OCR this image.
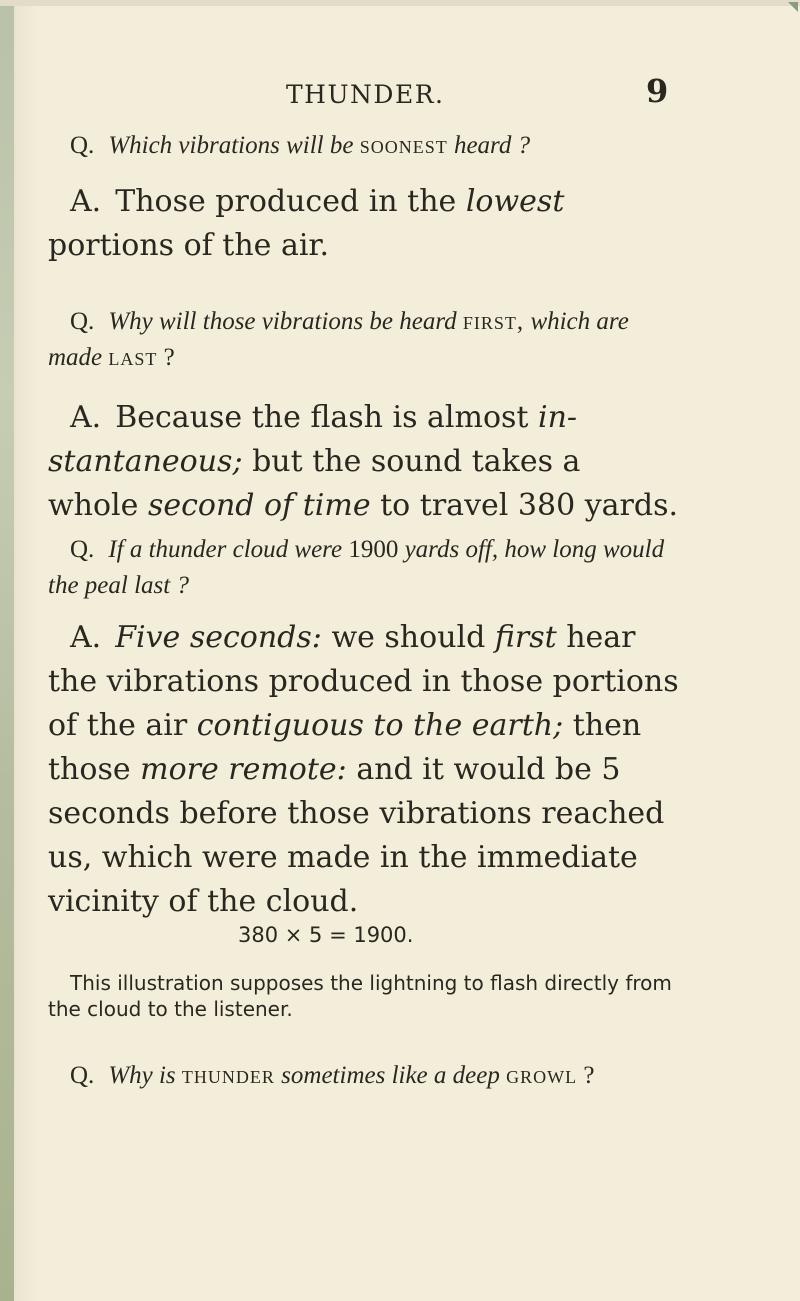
THUNDER.	9
Q. Which vibrations will be soonest heard ?
A. Those produced in the lowest portions of the air.
Q. Why will those vibrations be heard first, which are made last ?
A. Because the flash is almost in-stantaneous; but the sound takes a whole second of time to travel 380 yards.
Q. If a thunder cloud were 1900 yards off, how long would the peal last ?
A. Five seconds: we should first hear the vibrations produced in those portions of the air contiguous to the earth; then those more remote: and it would be 5 seconds before those vibrations reached us, which were made in the immediate vicinity of the cloud.
380 × 5 = 1900.
This illustration supposes the lightning to flash directly from the cloud to the listener.
Q. Why is thunder sometimes like a deep growl ?
